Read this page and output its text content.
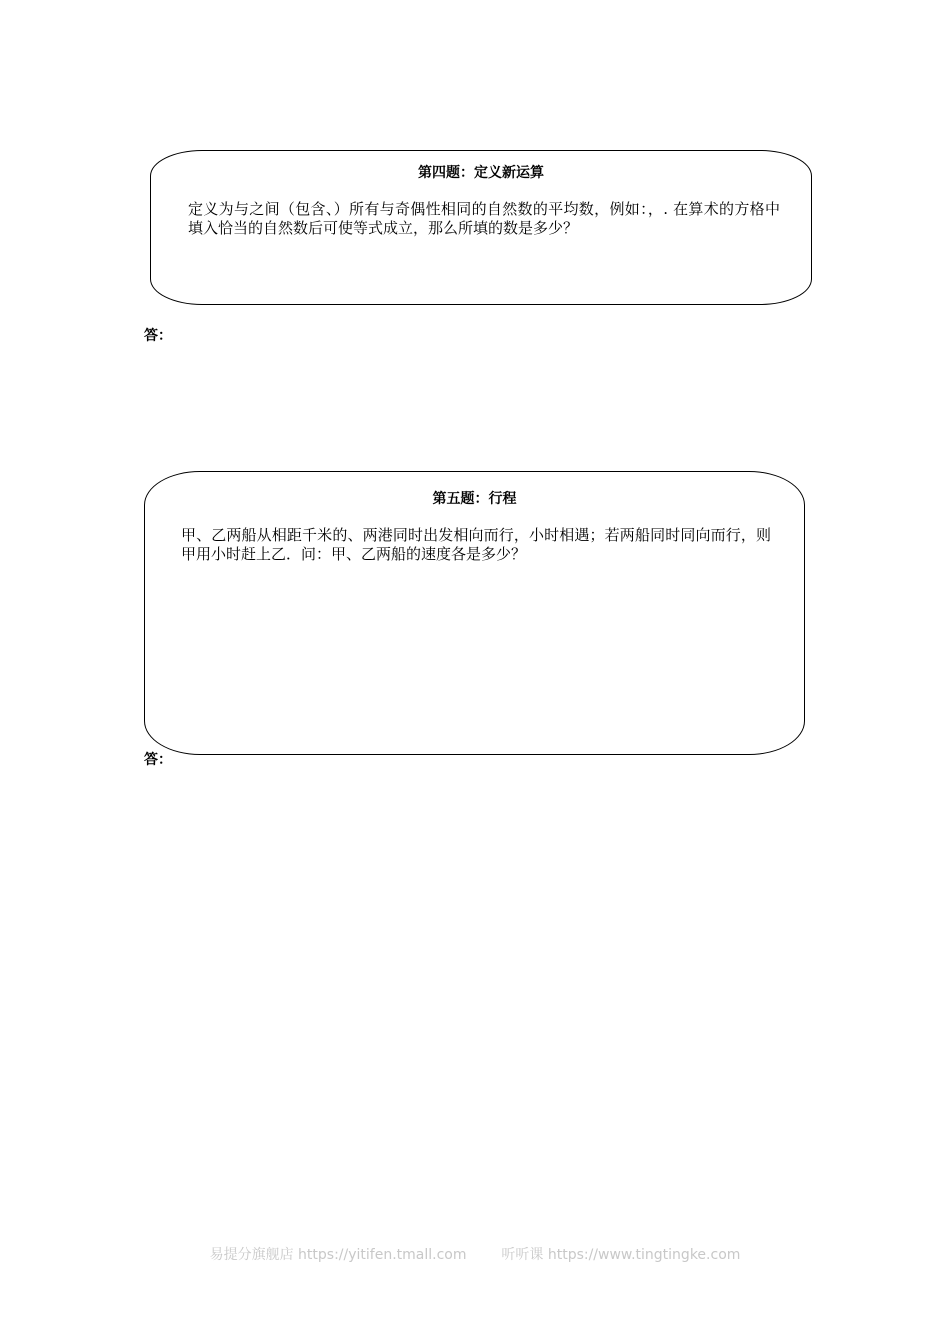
第四题：定义新运算
定义为与之间（包含、）所有与奇偶性相同的自然数的平均数，例如：，. 在算术的方格中填入恰当的自然数后可使等式成立，那么所填的数是多少？
答：
第五题：行程
甲、乙两船从相距千米的、两港同时出发相向而行，小时相遇；若两船同时同向而行，则甲用小时赶上乙．问：甲、乙两船的速度各是多少？
答：
易提分旗舰店 https://yitifen.tmall.com 听听课 https://www.tingtingke.com
